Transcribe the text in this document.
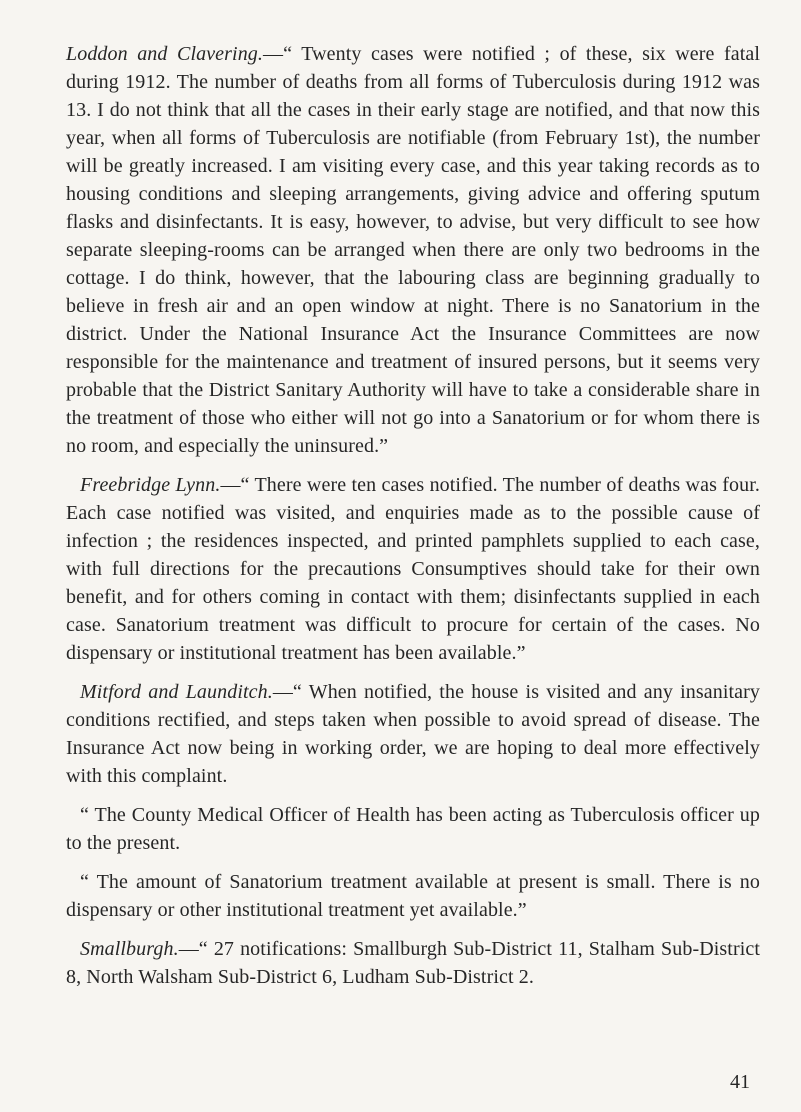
Loddon and Clavering.—“ Twenty cases were notified ; of these, six were fatal during 1912. The number of deaths from all forms of Tuberculosis during 1912 was 13. I do not think that all the cases in their early stage are notified, and that now this year, when all forms of Tuberculosis are notifiable (from February 1st), the number will be greatly increased. I am visiting every case, and this year taking records as to housing conditions and sleeping arrangements, giving advice and offering sputum flasks and disinfectants. It is easy, however, to advise, but very difficult to see how separate sleeping-rooms can be arranged when there are only two bedrooms in the cottage. I do think, however, that the labouring class are beginning gradually to believe in fresh air and an open window at night. There is no Sanatorium in the district. Under the National Insurance Act the Insurance Committees are now responsible for the maintenance and treatment of insured persons, but it seems very probable that the District Sanitary Authority will have to take a considerable share in the treatment of those who either will not go into a Sanatorium or for whom there is no room, and especially the uninsured.”

Freebridge Lynn.—“ There were ten cases notified. The number of deaths was four. Each case notified was visited, and enquiries made as to the possible cause of infection ; the residences inspected, and printed pamphlets supplied to each case, with full directions for the precautions Consumptives should take for their own benefit, and for others coming in contact with them; disinfectants supplied in each case. Sanatorium treatment was difficult to procure for certain of the cases. No dispensary or institutional treatment has been available.”

Mitford and Launditch.—“ When notified, the house is visited and any insanitary conditions rectified, and steps taken when possible to avoid spread of disease. The Insurance Act now being in working order, we are hoping to deal more effectively with this complaint.

“ The County Medical Officer of Health has been acting as Tuberculosis officer up to the present.

“ The amount of Sanatorium treatment available at present is small. There is no dispensary or other institutional treatment yet available.”

Smallburgh.—“ 27 notifications: Smallburgh Sub-District 11, Stalham Sub-District 8, North Walsham Sub-District 6, Ludham Sub-District 2.

41
